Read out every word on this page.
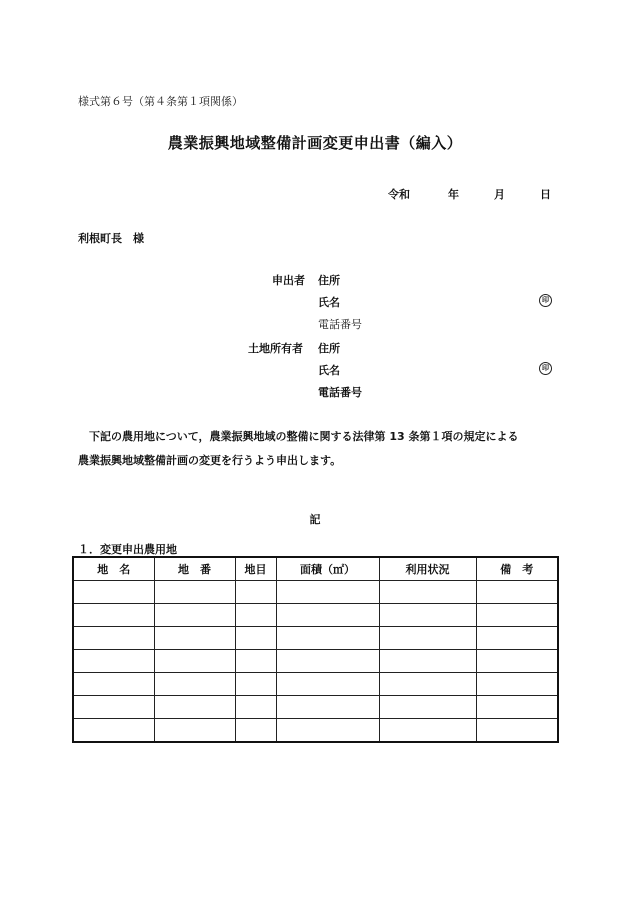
様式第６号（第４条第１項関係）
農業振興地域整備計画変更申出書（編入）
令和	年	月	日
利根町長　様
申出者 住所
氏名	印
電話番号
土地所有者 住所
氏名	印
電話番号

下記の農用地について，農業振興地域の整備に関する法律第 13 条第１項の規定による

農業振興地域整備計画の変更を行うよう申出します。

記
１．変更申出農用地
地　名	地　番	地目	面積（㎡）	利用状況	備　考
